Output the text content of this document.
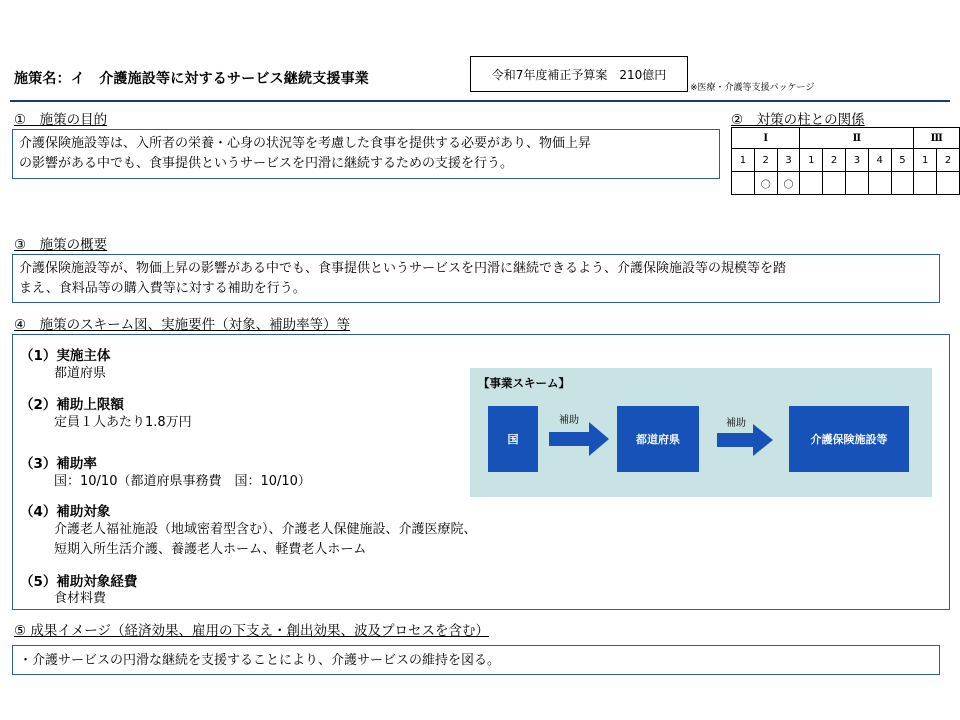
施策名：イ　介護施設等に対するサービス継続支援事業	令和7年度補正予算案　210億円
※医療・介護等支援パッケージ
①　施策の目的
介護保険施設等は、入所者の栄養・心身の状況等を考慮した食事を提供する必要があり、物価上昇
の影響がある中でも、食事提供というサービスを円滑に継続するための支援を行う。
②　対策の柱との関係
Ⅰ			Ⅱ					Ⅲ	
1	2	3	1	2	3	4	5	1	2
	〇	〇							
③　施策の概要
介護保険施設等が、物価上昇の影響がある中でも、食事提供というサービスを円滑に継続できるよう、介護保険施設等の規模等を踏
まえ、食料品等の購入費等に対する補助を行う。
④　施策のスキーム図、実施要件（対象、補助率等）等
（1）実施主体
都道府県
（2）補助上限額
定員１人あたり1.8万円
（3）補助率
国：10/10（都道府県事務費　国：10/10）
（4）補助対象
介護老人福祉施設（地域密着型含む）、介護老人保健施設、介護医療院、
短期入所生活介護、養護老人ホーム、軽費老人ホーム
（5）補助対象経費
食材料費
【事業スキーム】
国
補助
都道府県
補助
介護保険施設等
⑤ 成果イメージ（経済効果、雇用の下支え・創出効果、波及プロセスを含む）
・介護サービスの円滑な継続を支援することにより、介護サービスの維持を図る。
